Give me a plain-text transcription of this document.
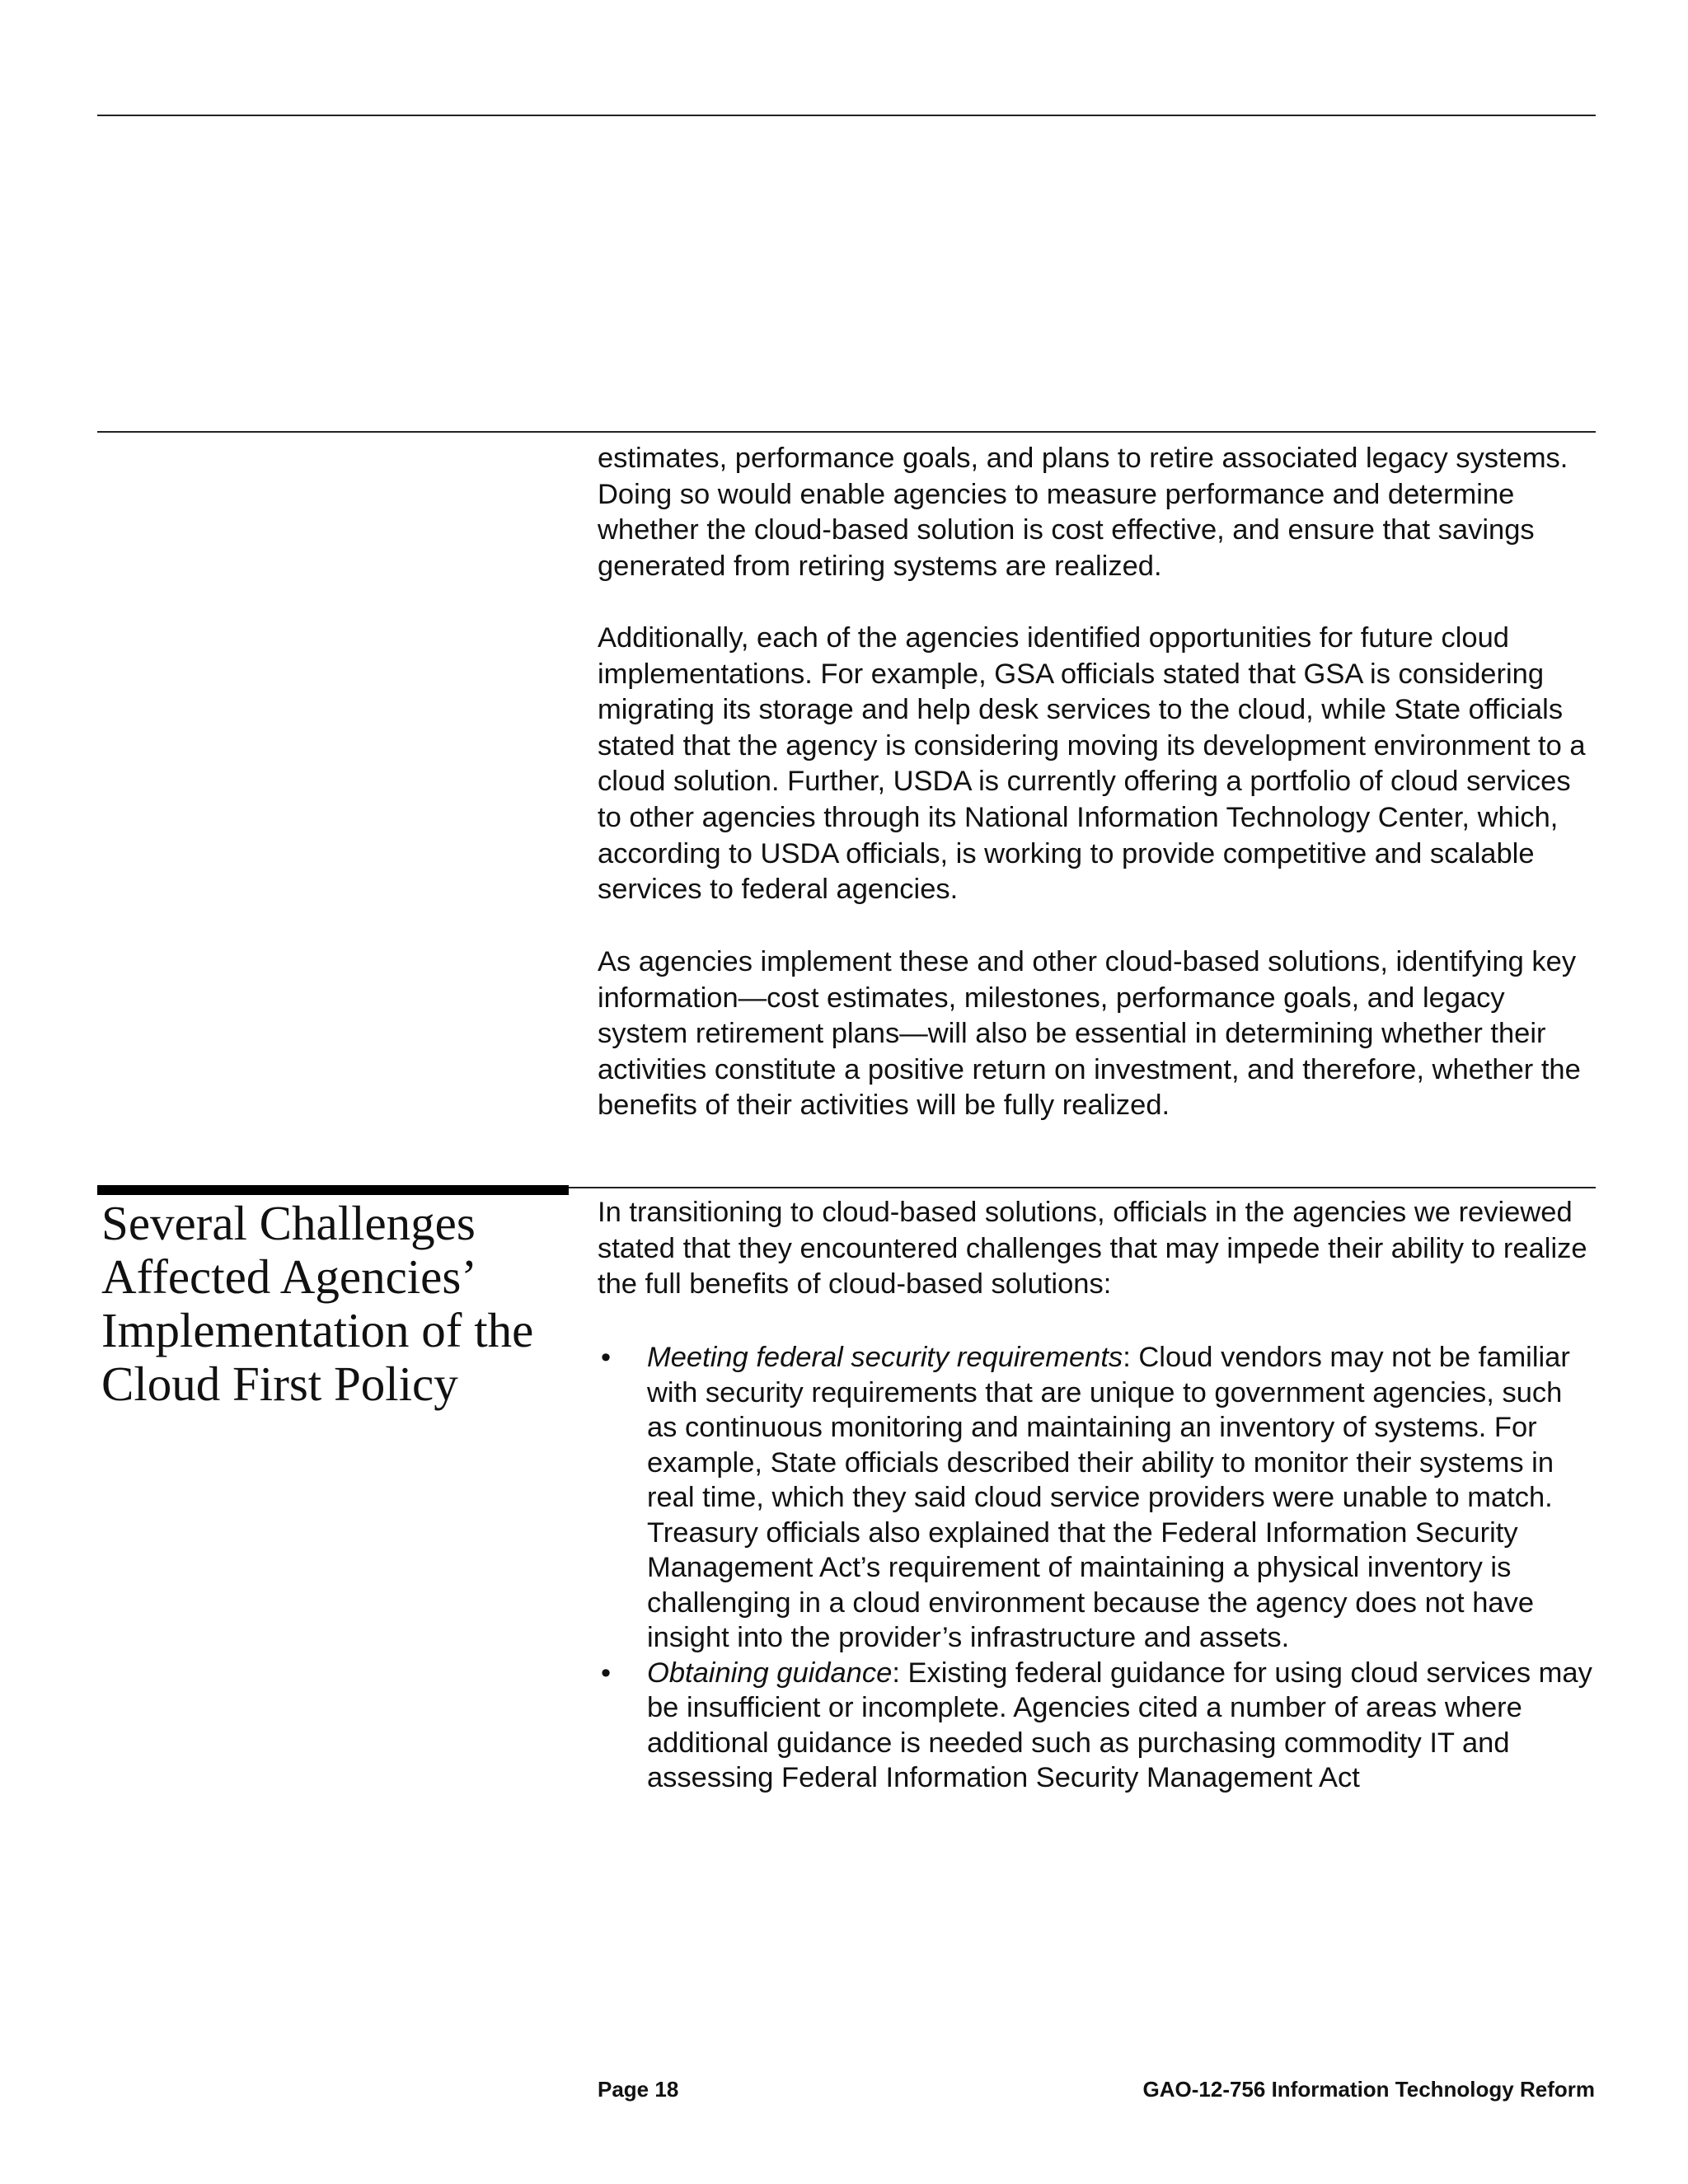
estimates, performance goals, and plans to retire associated legacy systems. Doing so would enable agencies to measure performance and determine whether the cloud-based solution is cost effective, and ensure that savings generated from retiring systems are realized.

Additionally, each of the agencies identified opportunities for future cloud implementations. For example, GSA officials stated that GSA is considering migrating its storage and help desk services to the cloud, while State officials stated that the agency is considering moving its development environment to a cloud solution. Further, USDA is currently offering a portfolio of cloud services to other agencies through its National Information Technology Center, which, according to USDA officials, is working to provide competitive and scalable services to federal agencies.

As agencies implement these and other cloud-based solutions, identifying key information—cost estimates, milestones, performance goals, and legacy system retirement plans—will also be essential in determining whether their activities constitute a positive return on investment, and therefore, whether the benefits of their activities will be fully realized.

Several Challenges
Affected Agencies’
Implementation of the
Cloud First Policy

In transitioning to cloud-based solutions, officials in the agencies we reviewed stated that they encountered challenges that may impede their ability to realize the full benefits of cloud-based solutions:

• Meeting federal security requirements: Cloud vendors may not be familiar with security requirements that are unique to government agencies, such as continuous monitoring and maintaining an inventory of systems. For example, State officials described their ability to monitor their systems in real time, which they said cloud service providers were unable to match. Treasury officials also explained that the Federal Information Security Management Act’s requirement of maintaining a physical inventory is challenging in a cloud environment because the agency does not have insight into the provider’s infrastructure and assets.
• Obtaining guidance: Existing federal guidance for using cloud services may be insufficient or incomplete. Agencies cited a number of areas where additional guidance is needed such as purchasing commodity IT and assessing Federal Information Security Management Act
Page 18	GAO-12-756 Information Technology Reform
